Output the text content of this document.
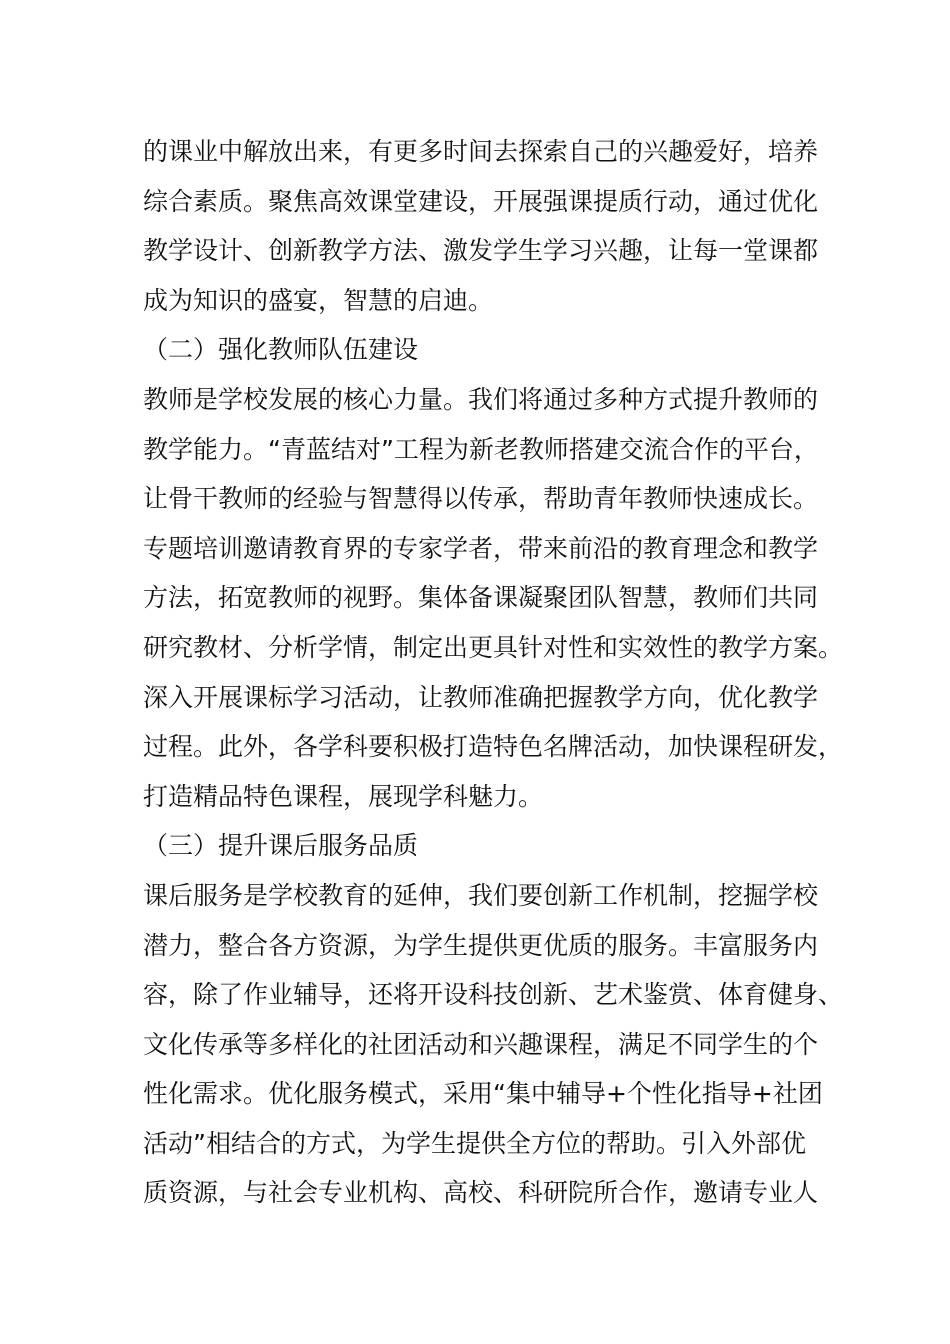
的课业中解放出来，有更多时间去探索自己的兴趣爱好，培养
综合素质。聚焦高效课堂建设，开展强课提质行动，通过优化
教学设计、创新教学方法、激发学生学习兴趣，让每一堂课都
成为知识的盛宴，智慧的启迪。
（二）强化教师队伍建设
教师是学校发展的核心力量。我们将通过多种方式提升教师的
教学能力。“青蓝结对”工程为新老教师搭建交流合作的平台，
让骨干教师的经验与智慧得以传承，帮助青年教师快速成长。
专题培训邀请教育界的专家学者，带来前沿的教育理念和教学
方法，拓宽教师的视野。集体备课凝聚团队智慧，教师们共同
研究教材、分析学情，制定出更具针对性和实效性的教学方案。
深入开展课标学习活动，让教师准确把握教学方向，优化教学
过程。此外，各学科要积极打造特色名牌活动，加快课程研发，
打造精品特色课程，展现学科魅力。
（三）提升课后服务品质
课后服务是学校教育的延伸，我们要创新工作机制，挖掘学校
潜力，整合各方资源，为学生提供更优质的服务。丰富服务内
容，除了作业辅导，还将开设科技创新、艺术鉴赏、体育健身、
文化传承等多样化的社团活动和兴趣课程，满足不同学生的个
性化需求。优化服务模式，采用“集中辅导+个性化指导+社团
活动”相结合的方式，为学生提供全方位的帮助。引入外部优
质资源，与社会专业机构、高校、科研院所合作，邀请专业人
